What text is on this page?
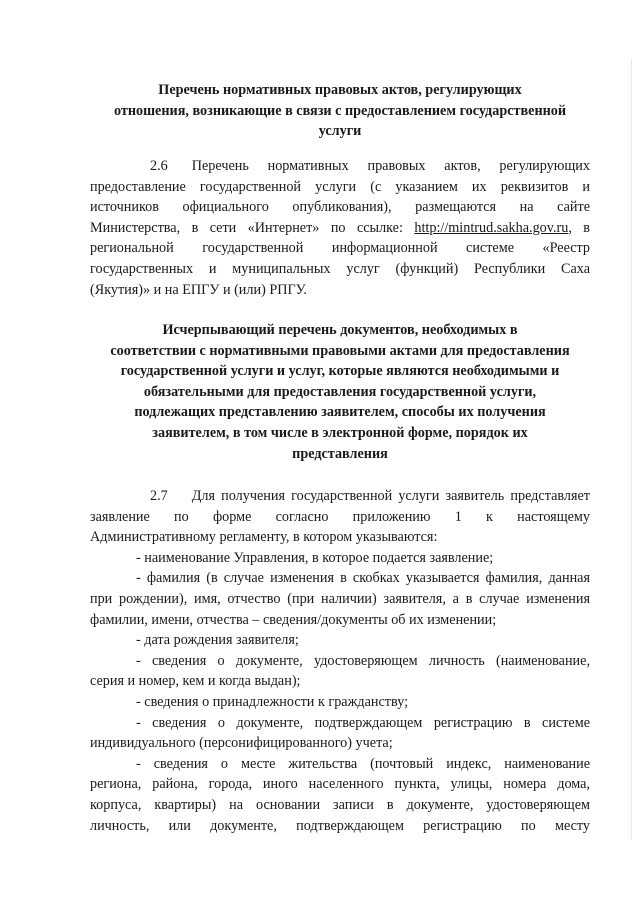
Перечень нормативных правовых актов, регулирующих
отношения, возникающие в связи с предоставлением государственной
услуги
2.6 Перечень нормативных правовых актов, регулирующих
предоставление государственной услуги (с указанием их реквизитов и
источников официального опубликования), размещаются на сайте
Министерства, в сети «Интернет» по ссылке: http://mintrud.sakha.gov.ru, в
региональной государственной информационной системе «Реестр
государственных и муниципальных услуг (функций) Республики Саха
(Якутия)» и на ЕПГУ и (или) РПГУ.
Исчерпывающий перечень документов, необходимых в
соответствии с нормативными правовыми актами для предоставления
государственной услуги и услуг, которые являются необходимыми и
обязательными для предоставления государственной услуги,
подлежащих представлению заявителем, способы их получения
заявителем, в том числе в электронной форме, порядок их
представления
2.7 Для получения государственной услуги заявитель представляет
заявление по форме согласно приложению 1 к настоящему
Административному регламенту, в котором указываются:
- наименование Управления, в которое подается заявление;
- фамилия (в случае изменения в скобках указывается фамилия, данная
при рождении), имя, отчество (при наличии) заявителя, а в случае изменения
фамилии, имени, отчества – сведения/документы об их изменении;
- дата рождения заявителя;
- сведения о документе, удостоверяющем личность (наименование,
серия и номер, кем и когда выдан);
- сведения о принадлежности к гражданству;
- сведения о документе, подтверждающем регистрацию в системе
индивидуального (персонифицированного) учета;
- сведения о месте жительства (почтовый индекс, наименование
региона, района, города, иного населенного пункта, улицы, номера дома,
корпуса, квартиры) на основании записи в документе, удостоверяющем
личность, или документе, подтверждающем регистрацию по месту
